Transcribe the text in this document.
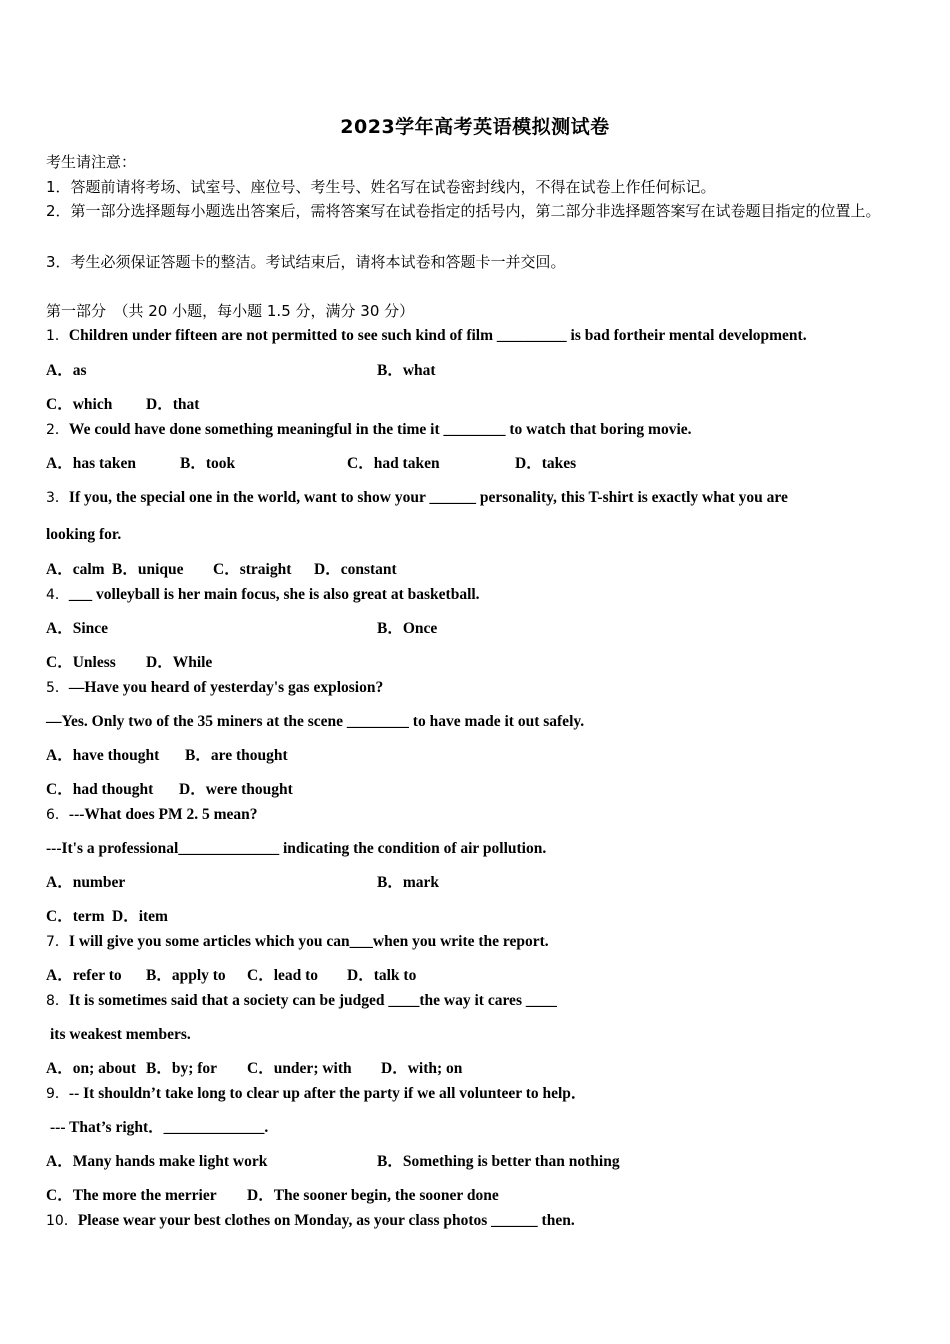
2023学年高考英语模拟测试卷
考生请注意：
1．答题前请将考场、试室号、座位号、考生号、姓名写在试卷密封线内，不得在试卷上作任何标记。
2．第一部分选择题每小题选出答案后，需将答案写在试卷指定的括号内，第二部分非选择题答案写在试卷题目指定的位置上。
3．考生必须保证答题卡的整洁。考试结束后，请将本试卷和答题卡一并交回。
第一部分　（共 20 小题，每小题 1.5 分，满分 30 分）
1．Children under fifteen are not permitted to see such kind of film _________ is bad fortheir mental development.
A．as	B．what
C．which D．that
2．We could have done something meaningful in the time it ________ to watch that boring movie.
A．has taken	B．took	C．had taken	D．takes
3．If you, the special one in the world, want to show your ______ personality, this T-shirt is exactly what you are
looking for.
A．calm B．unique C．straight D．constant
4．___ volleyball is her main focus, she is also great at basketball.
A．Since	B．Once
C．Unless D．While
5．—Have you heard of yesterday's gas explosion?
—Yes. Only two of the 35 miners at the scene ________ to have made it out safely.
A．have thought B．are thought
C．had thought D．were thought
6．---What does PM 2. 5 mean?
---It's a professional_____________ indicating the condition of air pollution.
A．number	B．mark
C．term D．item
7．I will give you some articles which you can___when you write the report.
A．refer to B．apply to C．lead to D．talk to
8．It is sometimes said that a society can be judged ____the way it cares ____
its weakest members.
A．on; about B．by; for C．under; with D．with; on
9．-- It shouldn’t take long to clear up after the party if we all volunteer to help．
--- That’s right．_____________.
A．Many hands make light work	B．Something is better than nothing
C．The more the merrier D．The sooner begin, the sooner done
10．Please wear your best clothes on Monday, as your class photos ______ then.
